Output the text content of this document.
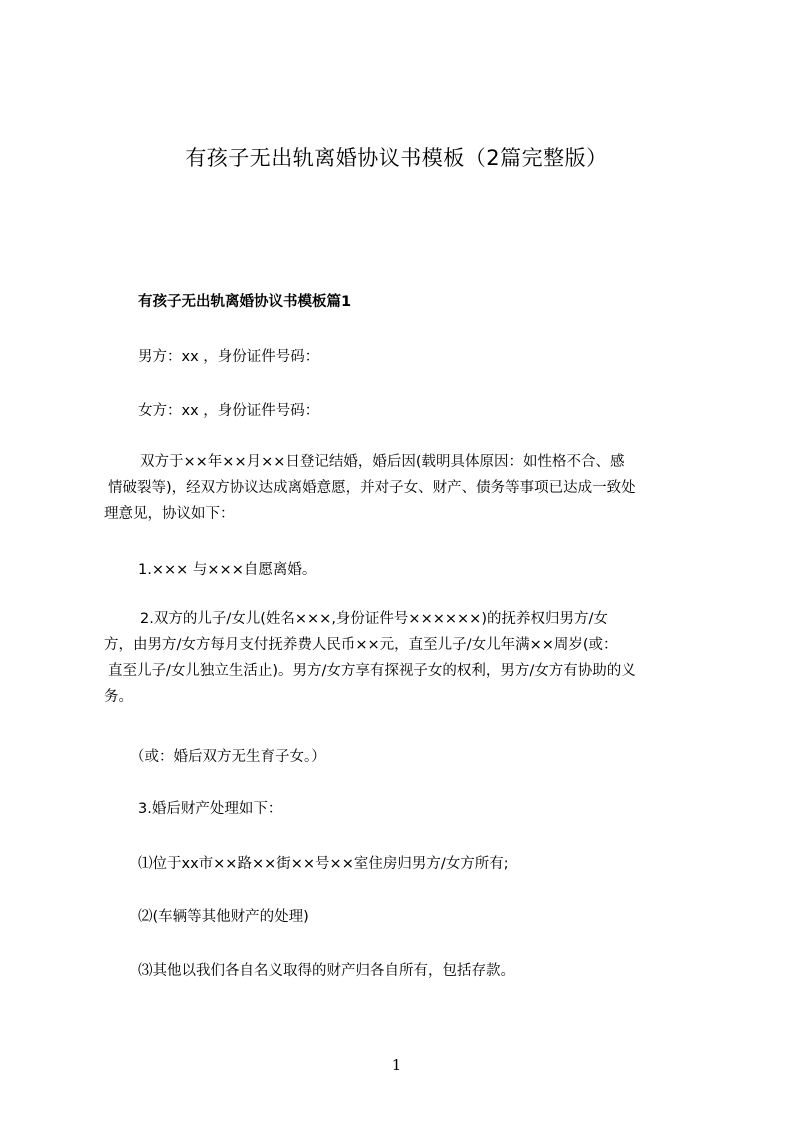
有孩子无出轨离婚协议书模板（2篇完整版）
有孩子无出轨离婚协议书模板篇1
男方：xx ，身份证件号码：
女方：xx ，身份证件号码：
双方于××年××月××日登记结婚，婚后因(载明具体原因：如性格不合、感
情破裂等)，经双方协议达成离婚意愿，并对子女、财产、债务等事项已达成一致处
理意见，协议如下：
1.××× 与×××自愿离婚。
2.双方的儿子/女儿(姓名×××,身份证件号××××××)的抚养权归男方/女
方，由男方/女方每月支付抚养费人民币××元，直至儿子/女儿年满××周岁(或：
直至儿子/女儿独立生活止)。男方/女方享有探视子女的权利，男方/女方有协助的义
务。
（或：婚后双方无生育子女。）
3.婚后财产处理如下：
⑴位于xx市××路××街××号××室住房归男方/女方所有;
⑵(车辆等其他财产的处理)
⑶其他以我们各自名义取得的财产归各自所有，包括存款。
1
